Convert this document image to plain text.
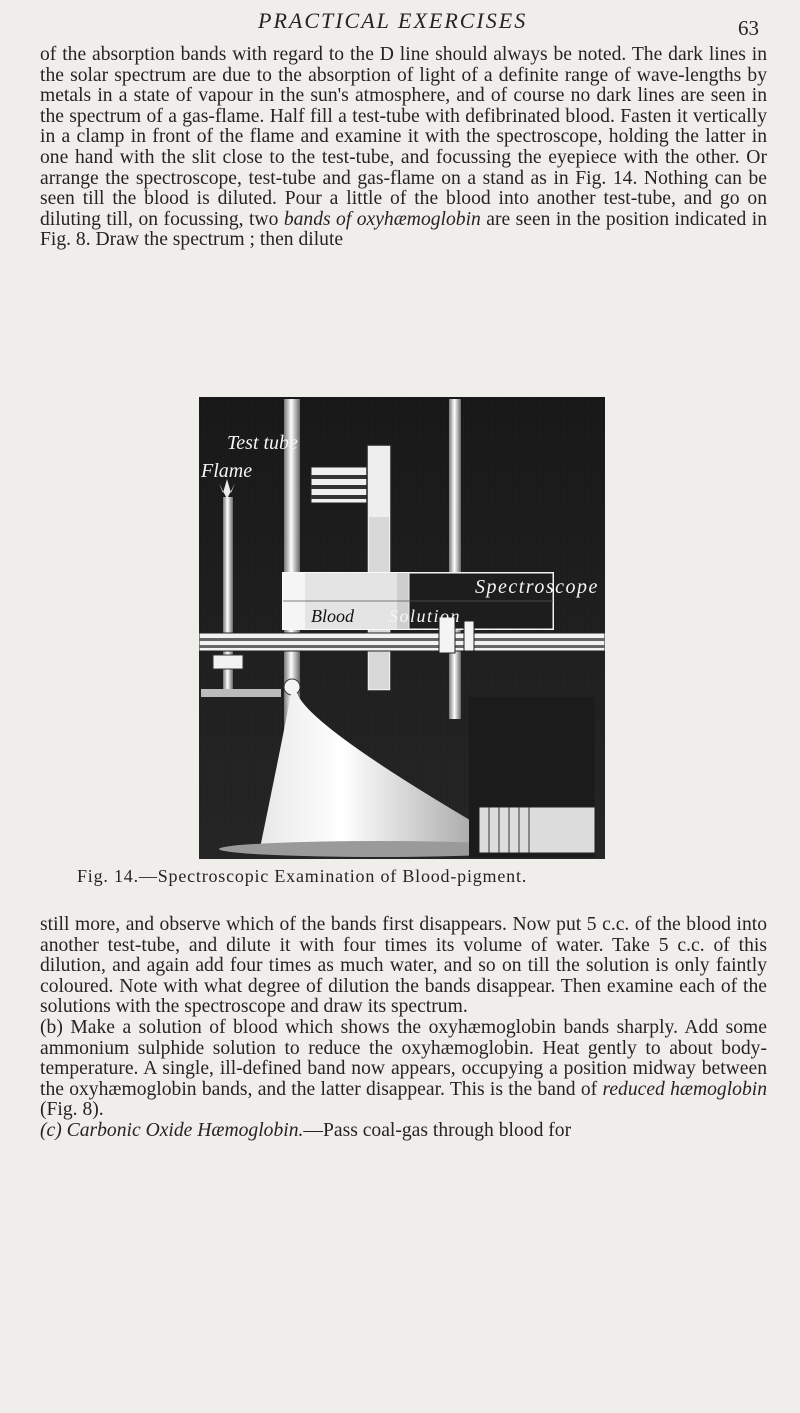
PRACTICAL EXERCISES	63

of the absorption bands with regard to the D line should always be noted. The dark lines in the solar spectrum are due to the absorption of light of a definite range of wave-lengths by metals in a state of vapour in the sun's atmosphere, and of course no dark lines are seen in the spectrum of a gas-flame. Half fill a test-tube with defibrinated blood. Fasten it vertically in a clamp in front of the flame and examine it with the spectroscope, holding the latter in one hand with the slit close to the test-tube, and focussing the eyepiece with the other. Or arrange the spectroscope, test-tube and gas-flame on a stand as in Fig. 14. Nothing can be seen till the blood is diluted. Pour a little of the blood into another test-tube, and go on diluting till, on focussing, two bands of oxyhæmoglobin are seen in the position indicated in Fig. 8. Draw the spectrum ; then dilute

Test tube
Flame
Spectroscope
Blood Solution
Fig. 14.—Spectroscopic Examination of Blood-pigment.

still more, and observe which of the bands first disappears. Now put 5 c.c. of the blood into another test-tube, and dilute it with four times its volume of water. Take 5 c.c. of this dilution, and again add four times as much water, and so on till the solution is only faintly coloured. Note with what degree of dilution the bands disappear. Then examine each of the solutions with the spectroscope and draw its spectrum.
(b) Make a solution of blood which shows the oxyhæmoglobin bands sharply. Add some ammonium sulphide solution to reduce the oxyhæmoglobin. Heat gently to about body-temperature. A single, ill-defined band now appears, occupying a position midway between the oxyhæmoglobin bands, and the latter disappear. This is the band of reduced hæmoglobin (Fig. 8).
(c) Carbonic Oxide Hæmoglobin.—Pass coal-gas through blood for
